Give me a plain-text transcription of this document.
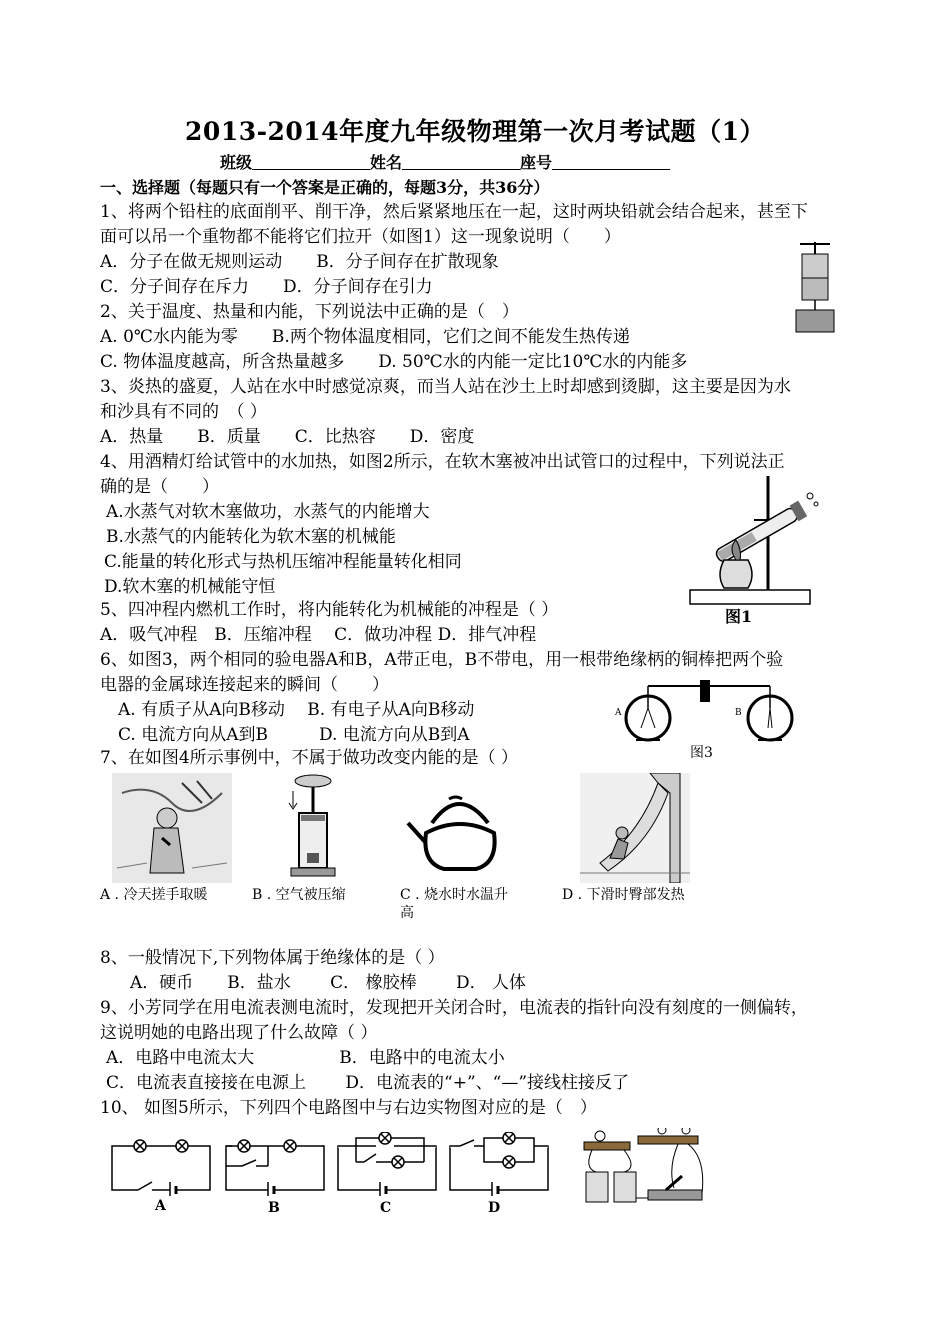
2013-2014年度九年级物理第一次月考试题（1）
班级	姓名	座号
一、选择题（每题只有一个答案是正确的，每题3分，共36分）
1、将两个铅柱的底面削平、削干净，然后紧紧地压在一起，这时两块铅就会结合起来，甚至下
面可以吊一个重物都不能将它们拉开（如图1）这一现象说明（　　）
A．分子在做无规则运动　　B．分子间存在扩散现象
C．分子间存在斥力　　D．分子间存在引力
2、关于温度、热量和内能，下列说法中正确的是（　）
A. 0℃水内能为零　　B.两个物体温度相同，它们之间不能发生热传递
C. 物体温度越高，所含热量越多　　D. 50℃水的内能一定比10℃水的内能多
3、炎热的盛夏，人站在水中时感觉凉爽，而当人站在沙土上时却感到烫脚，这主要是因为水
和沙具有不同的　（ ）
A．热量　　B．质量　　C．比热容　　D．密度
4、用酒精灯给试管中的水加热，如图2所示，在软木塞被冲出试管口的过程中，下列说法正
确的是（　　）
A.水蒸气对软木塞做功，水蒸气的内能增大
B.水蒸气的内能转化为软木塞的机械能
C.能量的转化形式与热机压缩冲程能量转化相同
D.软木塞的机械能守恒
图1
5、四冲程内燃机工作时，将内能转化为机械能的冲程是（ ）
A．吸气冲程　B．压缩冲程　 C．做功冲程 D．排气冲程
6、如图3，两个相同的验电器A和B，A带正电，B不带电，用一根带绝缘柄的铜棒把两个验
电器的金属球连接起来的瞬间（　　）
A. 有质子从A向B移动　 B. 有电子从A向B移动
C. 电流方向从A到B　　　D. 电流方向从B到A
A	B
图3
7、在如图4所示事例中，不属于做功改变内能的是（ ）
A . 冷天搓手取暖	B . 空气被压缩	C . 烧水时水温升
高
D . 下滑时臀部发热
8、一般情况下,下列物体属于绝缘体的是（ ）
A．硬币　　B．盐水　　 C． 橡胶棒　　 D． 人体
9、小芳同学在用电流表测电流时，发现把开关闭合时，电流表的指针向没有刻度的一侧偏转，
这说明她的电路出现了什么故障（ ）
A．电路中电流太大　　　　　B．电路中的电流太小
C．电流表直接接在电源上　　 D．电流表的“+”、“—”接线柱接反了
10、 如图5所示，下列四个电路图中与右边实物图对应的是（　）
A	B	C	D
